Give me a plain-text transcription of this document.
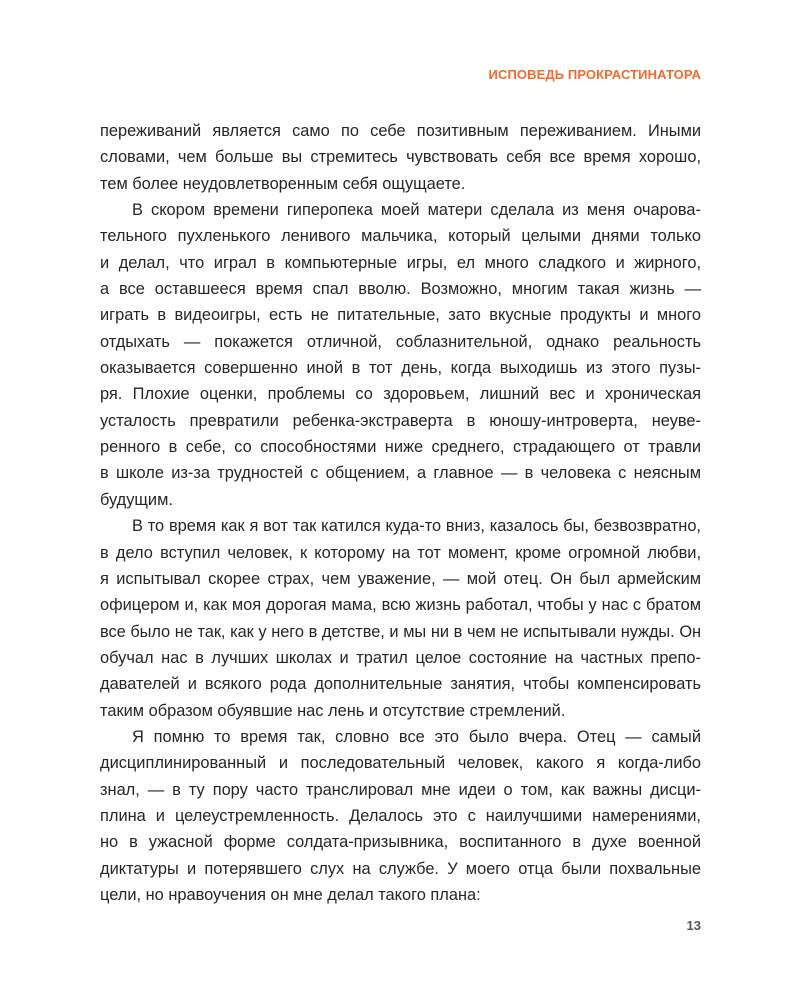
ИСПОВЕДЬ ПРОКРАСТИНАТОРА
переживаний является само по себе позитивным переживанием. Иными
словами, чем больше вы стремитесь чувствовать себя все время хорошо,
тем более неудовлетворенным себя ощущаете.
В скором времени гиперопека моей матери сделала из меня очарова-
тельного пухленького ленивого мальчика, который целыми днями только
и делал, что играл в компьютерные игры, ел много сладкого и жирного,
а все оставшееся время спал вволю. Возможно, многим такая жизнь —
играть в видеоигры, есть не питательные, зато вкусные продукты и много
отдыхать — покажется отличной, соблазнительной, однако реальность
оказывается совершенно иной в тот день, когда выходишь из этого пузы-
ря. Плохие оценки, проблемы со здоровьем, лишний вес и хроническая
усталость превратили ребенка-экстраверта в юношу-интроверта, неуве-
ренного в себе, со способностями ниже среднего, страдающего от травли
в школе из-за трудностей с общением, а главное — в человека с неясным
будущим.
В то время как я вот так катился куда-то вниз, казалось бы, безвозвратно,
в дело вступил человек, к которому на тот момент, кроме огромной любви,
я испытывал скорее страх, чем уважение, — мой отец. Он был армейским
офицером и, как моя дорогая мама, всю жизнь работал, чтобы у нас с братом
все было не так, как у него в детстве, и мы ни в чем не испытывали нужды. Он
обучал нас в лучших школах и тратил целое состояние на частных препо-
давателей и всякого рода дополнительные занятия, чтобы компенсировать
таким образом обуявшие нас лень и отсутствие стремлений.
Я помню то время так, словно все это было вчера. Отец — самый
дисциплинированный и последовательный человек, какого я когда-либо
знал, — в ту пору часто транслировал мне идеи о том, как важны дисци-
плина и целеустремленность. Делалось это с наилучшими намерениями,
но в ужасной форме солдата-призывника, воспитанного в духе военной
диктатуры и потерявшего слух на службе. У моего отца были похвальные
цели, но нравоучения он мне делал такого плана:
13
